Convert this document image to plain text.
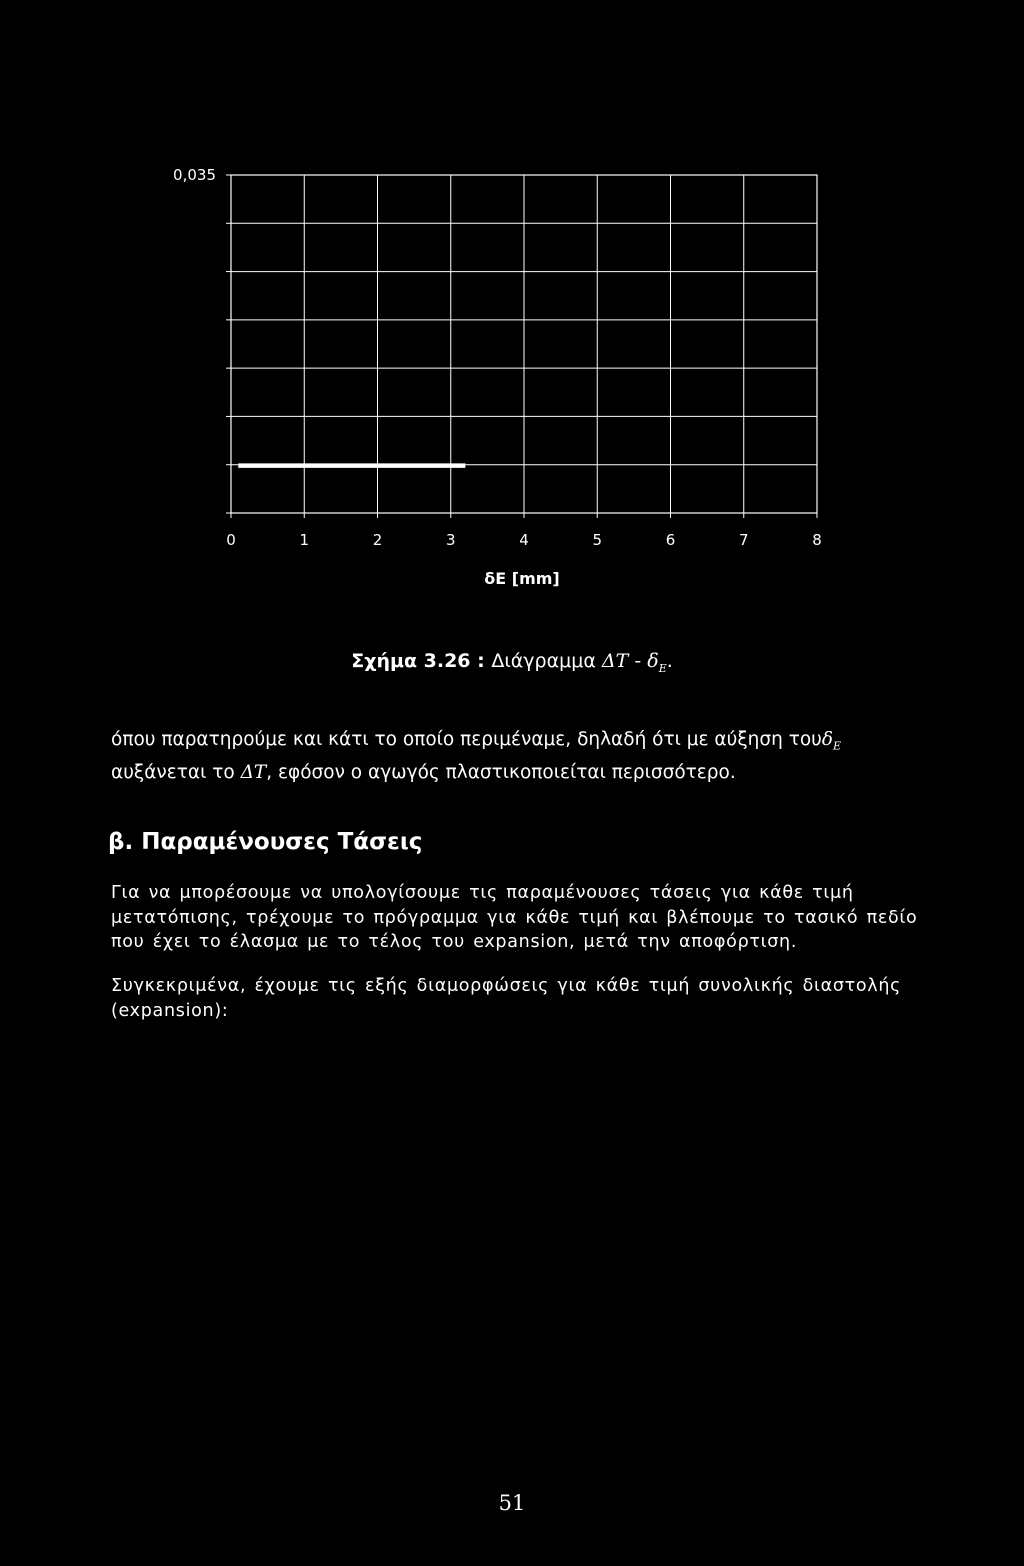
0	1	2	3	4	5	6	7	8
0,035
δE [mm]
Σχήμα 3.26 : Διάγραμμα ΔT - $\delta_E$.
όπου παρατηρούμε και κάτι το οποίο περιμέναμε, δηλαδή ότι με αύξηση τουδ$_E$
αυξάνεται το ΔT, εφόσον ο αγωγός πλαστικοποιείται περισσότερο.
β. Παραμένουσες Τάσεις
Για να μπορέσουμε να υπολογίσουμε τις παραμένουσες τάσεις για κάθε τιμή μετατόπισης, τρέχουμε το πρόγραμμα για κάθε τιμή και βλέπουμε το τασικό πεδίο που έχει το έλασμα με το τέλος του expansion, μετά την αποφόρτιση.
Συγκεκριμένα, έχουμε τις εξής διαμορφώσεις για κάθε τιμή συνολικής διαστολής (expansion):
51
